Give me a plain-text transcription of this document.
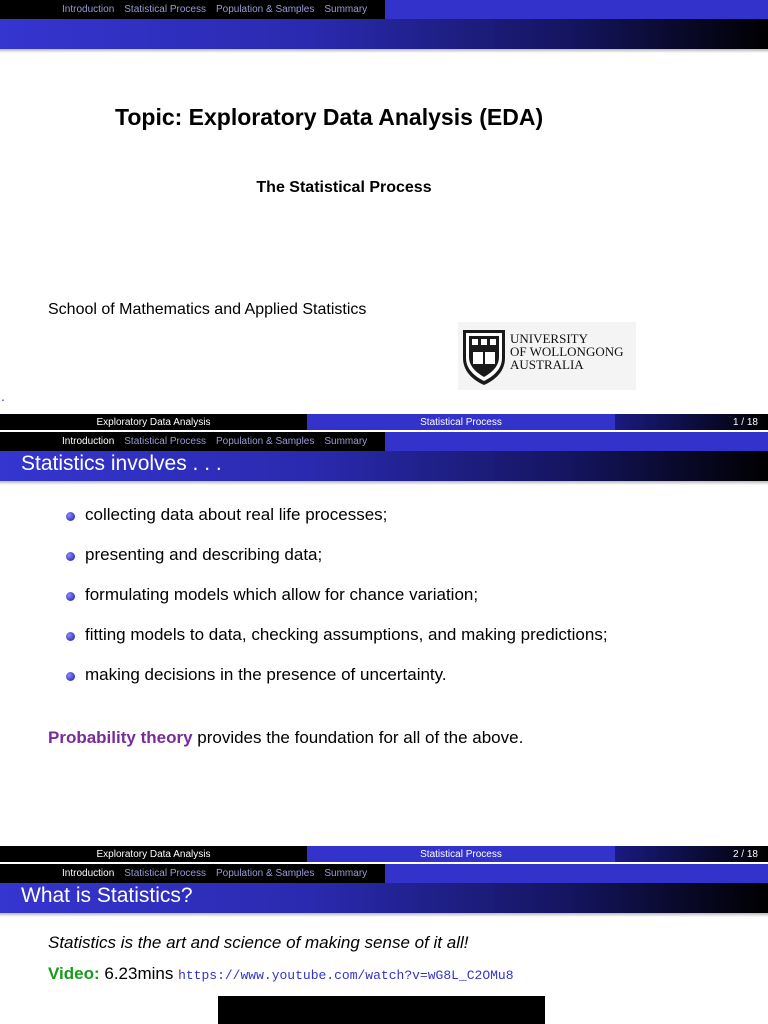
Introduction Statistical Process Population & Samples Summary
Topic: Exploratory Data Analysis (EDA)
The Statistical Process
School of Mathematics and Applied Statistics
UNIVERSITY
OF WOLLONGONG
AUSTRALIA
.
Exploratory Data Analysis	Statistical Process	1 / 18
Introduction Statistical Process Population & Samples Summary
Statistics involves . . .
collecting data about real life processes;
presenting and describing data;
formulating models which allow for chance variation;
fitting models to data, checking assumptions, and making predictions;
making decisions in the presence of uncertainty.
Probability theory provides the foundation for all of the above.
Exploratory Data Analysis	Statistical Process	2 / 18
Introduction Statistical Process Population & Samples Summary
What is Statistics?
Statistics is the art and science of making sense of it all!
Video: 6.23mins https://www.youtube.com/watch?v=wG8L_C2OMu8
